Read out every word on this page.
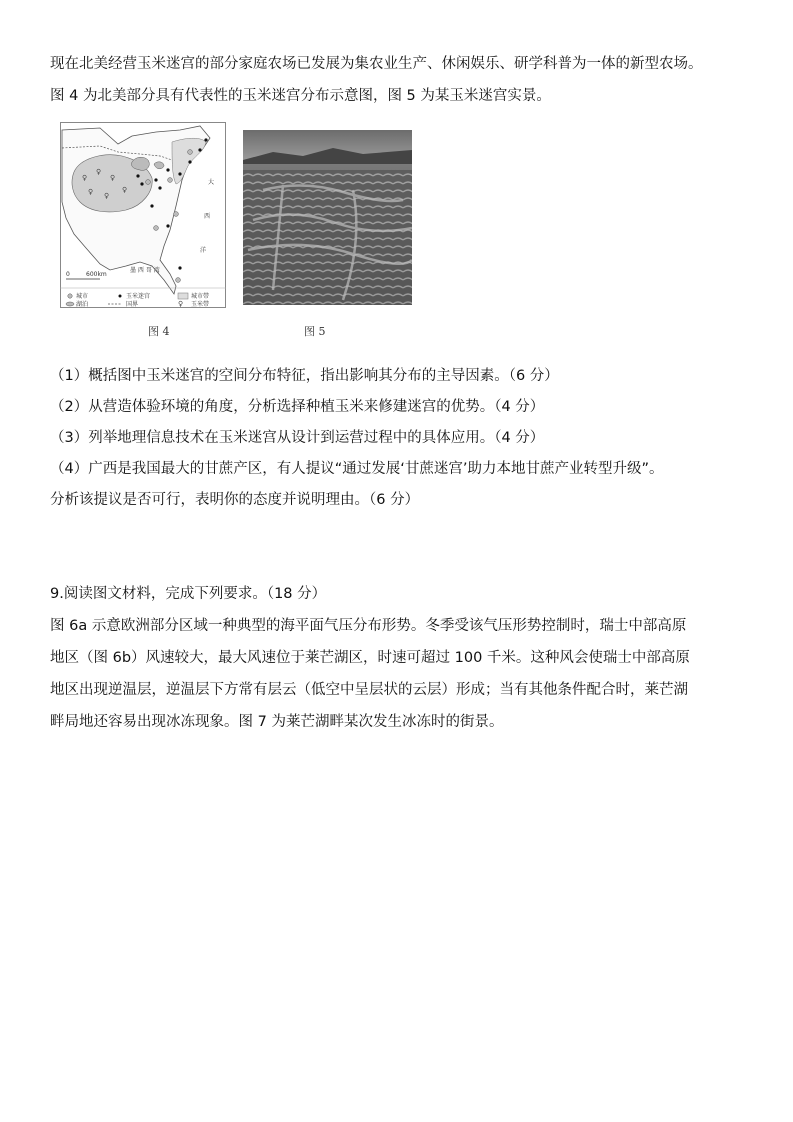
现在北美经营玉米迷宫的部分家庭农场已发展为集农业生产、休闲娱乐、研学科普为一体的新型农场。
图 4 为北美部分具有代表性的玉米迷宫分布示意图，图 5 为某玉米迷宫实景。
♀
♀
♀
♀ ♀
♀
大
西
洋
墨 西 哥 湾
0	600km
城市	玉米迷宫	城市带
湖泊	国界	♀ 玉米带
图 4	图 5
（1）概括图中玉米迷宫的空间分布特征，指出影响其分布的主导因素。（6 分）
（2）从营造体验环境的角度，分析选择种植玉米来修建迷宫的优势。（4 分）
（3）列举地理信息技术在玉米迷宫从设计到运营过程中的具体应用。（4 分）
（4）广西是我国最大的甘蔗产区，有人提议“通过发展‘甘蔗迷宫’助力本地甘蔗产业转型升级”。
分析该提议是否可行，表明你的态度并说明理由。（6 分）
9.阅读图文材料，完成下列要求。（18 分）
图 6a 示意欧洲部分区域一种典型的海平面气压分布形势。冬季受该气压形势控制时，瑞士中部高原
地区（图 6b）风速较大，最大风速位于莱芒湖区，时速可超过 100 千米。这种风会使瑞士中部高原
地区出现逆温层，逆温层下方常有层云（低空中呈层状的云层）形成；当有其他条件配合时，莱芒湖
畔局地还容易出现冰冻现象。图 7 为莱芒湖畔某次发生冰冻时的街景。
